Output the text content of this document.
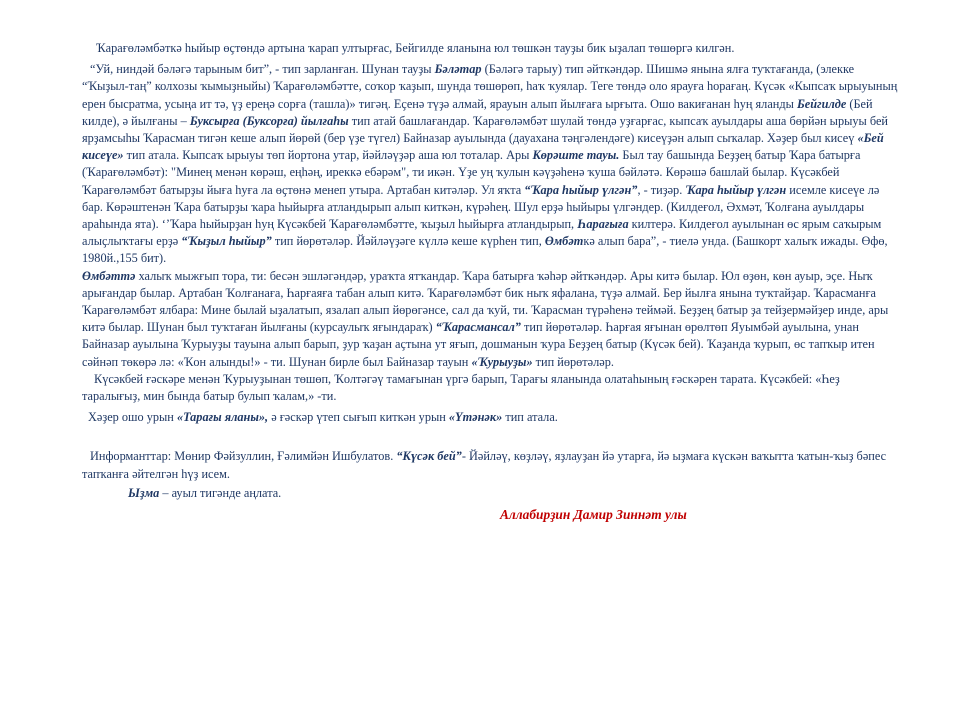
Ҡарағөләмбәткә һыйыр өҫтөндә артына ҡарап ултырғас, Бейгилде яланына юл төшкән тауҙы бик ыҙалап төшөргә килгән.

“Уй, ниндәй бәләгә тарыным бит”, - тип зарланған. Шунан тауҙы Бәләтар (Бәләгә тарыу) тип әйткәндәр. Шишмә янына ялға туҡтағанда, (элекке “Ҡыҙыл-таң” колхозы ҡымыҙныйы) Ҡарағөләмбәтте, соҡор ҡаҙып, шунда төшөрөп, һаҡ ҡуялар. Теге төндә оло ярауға һорағаң. Күсәк «Кыпсаҡ ырыуының ерен бысратма, усыңа ит тә, үҙ ереңә сорға (ташла)» тигәң. Еҫенә түҙә алмай, ярауын алып йылғаға ырғыта. Ошо вакиғанан һуң яланды Бейгилде (Бей килде), ә йылғаны – Буксырға (Буксорға) йылғаһы тип атай башлағандар. Ҡарағөләмбәт шулай төндә уҙғарғас, кыпсаҡ ауылдары аша бөрйән ырыуы бей ярҙамсыһы Ҡарасман тигән кеше алып йөрөй (бер үҙе түгел) Байназар ауылында (дауахана тәңгәлендәге) кисеүҙән алып сыҡалар. Хәҙер был кисеү «Бей кисеүе» тип атала. Кыпсаҡ ырыуы төп йортона утар, йәйләүҙәр аша юл тоталар. Ары Көрәште тауы. Был тау башында Беҙҙең батыр Ҡара батырға (Ҡарағөләмбәт): "Минең менән көрәш, еңһәң, иреккә ебәрәм", ти икән. Үҙе уң ҡулын кәүҙәһенә ҡуша бәйләтә. Көрәшә башлай былар. Күсәкбей Ҡарағөләмбәт батырҙы йыға һуға ла өҫтөнә менеп утыра. Артабан китәләр. Ул яҡта “Ҡара һыйыр үлгән”, - тиҙәр. Ҡара һыйыр үлгән исемле кисеүе лә бар. Көрәштенән Ҡара батырҙы ҡара һыйырға атландырып алып киткән, күрәһең. Шул ерҙә һыйыры үлгәндер. (Килдеғол, Әхмәт, Ҡолғана ауылдары араһында ята). ‘’Ҡара һыйырҙан һуң Күсәкбей Ҡарағөләмбәтте, ҡыҙыл һыйырға атландырып, Һарағыға килтерә. Килдеғол ауылынан өс ярым саҡырым алыҫлыҡтағы ерҙә “Ҡыҙыл һыйыр” тип йөрөтәләр. Йәйләүҙәге күллә кеше күрһен тип, Өмбәткә алып бара”, - тиелә унда. (Башкорт халыҡ ижады. Өфө, 1980й.,155 бит).

Өмбәттә халыҡ мыжғып тора, ти: бесән эшләгәндәр, ураҡта ятҡандар. Ҡара батырға ҡәһәр әйткәндәр. Ары китә былар. Юл өҙөн, көн ауыр, эҫе. Ныҡ арығандар былар. Артабан Ҡолғанаға, Һарғаяға табан алып китә. Ҡарағөләмбәт бик ныҡ яфалана, түҙә алмай. Бер йылға янына туҡтайҙар. Ҡарасманға Ҡарағөләмбәт ялбара: Мине былай ыҙалатып, язалап алып йөрөгәнсе, сал да ҡуй, ти. Ҡарасман түрәһенә теймәй. Беҙҙең батыр ҙа тейҙермәйҙер инде, ары китә былар. Шунан был туҡтаған йылғаны (курсаулыҡ яғындараҡ) “Ҡарасмансал” тип йөрөтәләр. Һарғая яғынан өрөлтөп Яуымбәй ауылына, унан Байназар ауылына Ҡурыуҙы тауына алып барып, ҙур ҡаҙан аҫтына ут яғып, дошманын ҡура Беҙҙең батыр (Күсәк бей). Ҡаҙанда ҡурып, өс тапҡыр итен сәйнәп төкөрә лә: «Ҡон алындыǃ» - ти. Шунан бирле был Байназар тауын «Ҡурыуҙы» тип йөрөтәләр.

Күсәкбей ғәскәре менән Ҡурыуҙынан төшөп, Ҡолтәгәү тамағынан үргә барып, Тарағы яланында олатаһының ғәскәрен тарата. Күсәкбей: «Һеҙ таралығыҙ, мин бында батыр булып ҡалам,» -ти.

Хәҙер ошо урын «Тарағы яланы», ә ғәскәр үтеп сығып киткән урын «Үтәнәк» тип атала.

Информанттар: Мөнир Фәйзуллин, Ғәлимйән Ишбулатов. “Күсәк бей”- Йәйләү, көҙләү, яҙлауҙан йә утарға, йә ыҙмаға күскән ваҡытта ҡатын-ҡыҙ бәпес тапҡанға әйтелгән һүҙ исем.

Ыҙма – ауыл тигәнде аңлата.

Аллабирҙин Дамир Зиннәт улы
